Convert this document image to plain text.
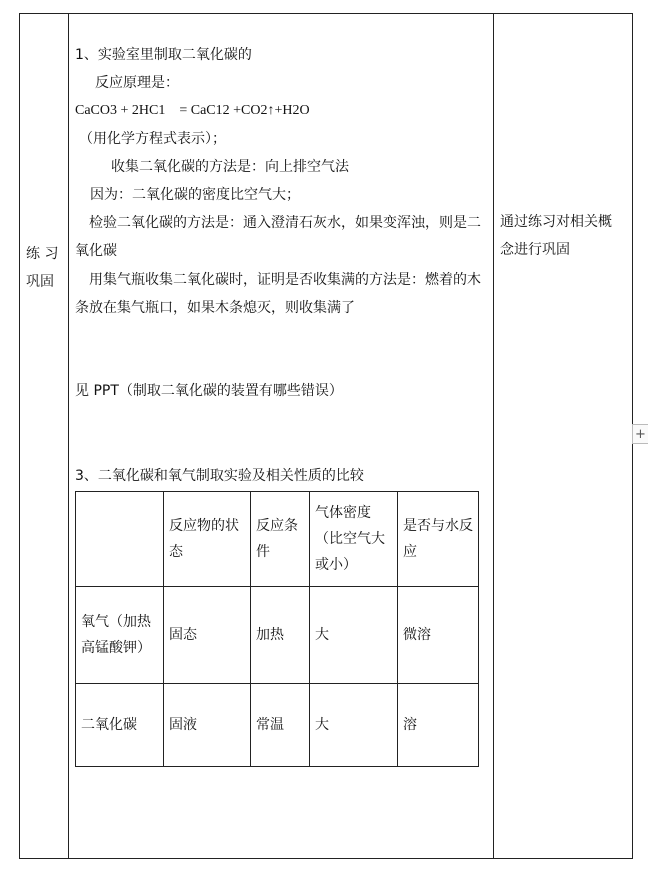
练 习
巩固
通过练习对相关概
念进行巩固
1、实验室里制取二氧化碳的
反应原理是：
CaCO3 + 2HC1    = CaC12 +CO2↑+H2O
（用化学方程式表示）；
收集二氧化碳的方法是：向上排空气法
因为：二氧化碳的密度比空气大；
检验二氧化碳的方法是：通入澄清石灰水，如果变浑浊，则是二
氧化碳
用集气瓶收集二氧化碳时，证明是否收集满的方法是：燃着的木
条放在集气瓶口，如果木条熄灭，则收集满了
见 PPT（制取二氧化碳的装置有哪些错误）
3、二氧化碳和氧气制取实验及相关性质的比较
	反应物的状态	反应条件	气体密度（比空气大或小）	是否与水反应
氧气（加热高锰酸钾）	固态	加热	大	微溶
二氧化碳	固液	常温	大	溶
+
